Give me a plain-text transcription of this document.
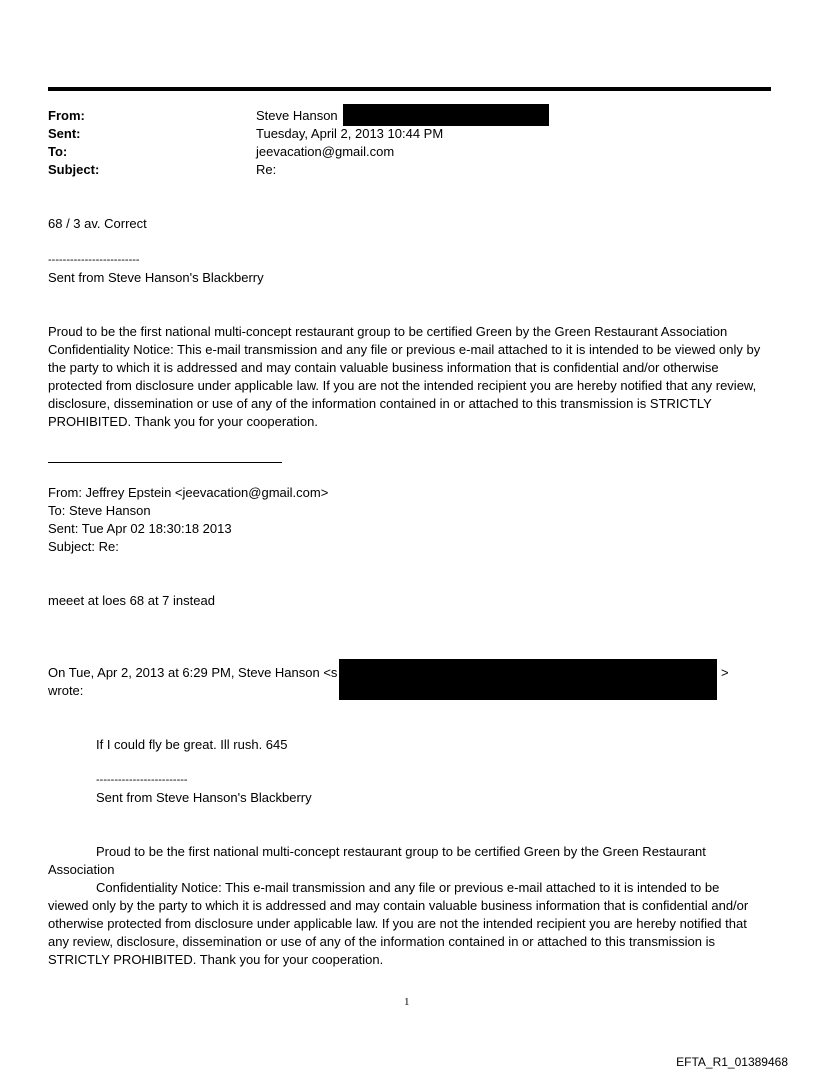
From:
Sent:
To:
Subject:
Steve Hanson
Tuesday, April 2, 2013 10:44 PM
jeevacation@gmail.com
Re:
68 / 3 av. Correct
-------------------------
Sent from Steve Hanson's Blackberry
Proud to be the first national multi-concept restaurant group to be certified Green by the Green Restaurant Association Confidentiality Notice: This e-mail transmission and any file or previous e-mail attached to it is intended to be viewed only by the party to which it is addressed and may contain valuable business information that is confidential and/or otherwise protected from disclosure under applicable law. If you are not the intended recipient you are hereby notified that any review, disclosure, dissemination or use of any of the information contained in or attached to this transmission is STRICTLY PROHIBITED. Thank you for your cooperation.
From: Jeffrey Epstein <jeevacation@gmail.com>
To: Steve Hanson
Sent: Tue Apr 02 18:30:18 2013
Subject: Re:
meeet at loes 68 at 7 instead
On Tue, Apr 2, 2013 at 6:29 PM, Steve Hanson <s	>
wrote:
If I could fly be great. Ill rush. 645
-------------------------
Sent from Steve Hanson's Blackberry
Proud to be the first national multi-concept restaurant group to be certified Green by the Green Restaurant Association
Confidentiality Notice: This e-mail transmission and any file or previous e-mail attached to it is intended to be viewed only by the party to which it is addressed and may contain valuable business information that is confidential and/or otherwise protected from disclosure under applicable law. If you are not the intended recipient you are hereby notified that any review, disclosure, dissemination or use of any of the information contained in or attached to this transmission is STRICTLY PROHIBITED. Thank you for your cooperation.
1
EFTA_R1_01389468
